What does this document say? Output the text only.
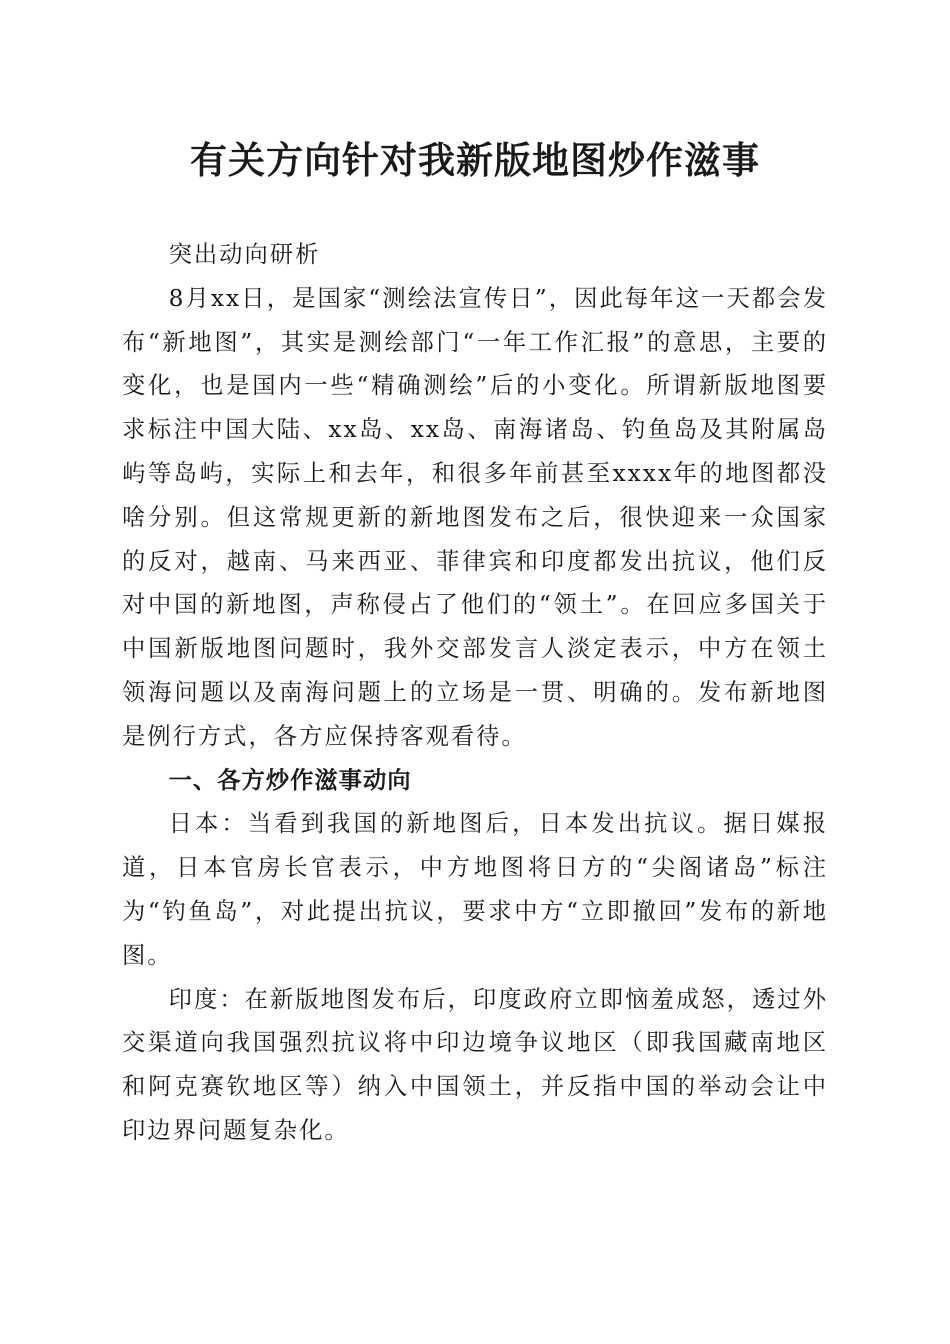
有关方向针对我新版地图炒作滋事

突出动向研析

8月xx日，是国家“测绘法宣传日”，因此每年这一天都会发布“新地图”，其实是测绘部门“一年工作汇报”的意思，主要的变化，也是国内一些“精确测绘”后的小变化。所谓新版地图要求标注中国大陆、xx岛、xx岛、南海诸岛、钓鱼岛及其附属岛屿等岛屿，实际上和去年，和很多年前甚至xxxx年的地图都没啥分别。但这常规更新的新地图发布之后，很快迎来一众国家的反对，越南、马来西亚、菲律宾和印度都发出抗议，他们反对中国的新地图，声称侵占了他们的“领土”。在回应多国关于中国新版地图问题时，我外交部发言人淡定表示，中方在领土领海问题以及南海问题上的立场是一贯、明确的。发布新地图是例行方式，各方应保持客观看待。

一、各方炒作滋事动向

日本：当看到我国的新地图后，日本发出抗议。据日媒报道，日本官房长官表示，中方地图将日方的“尖阁诸岛”标注为“钓鱼岛”，对此提出抗议，要求中方“立即撤回”发布的新地图。

印度：在新版地图发布后，印度政府立即恼羞成怒，透过外交渠道向我国强烈抗议将中印边境争议地区（即我国藏南地区和阿克赛钦地区等）纳入中国领土，并反指中国的举动会让中印边界问题复杂化。
